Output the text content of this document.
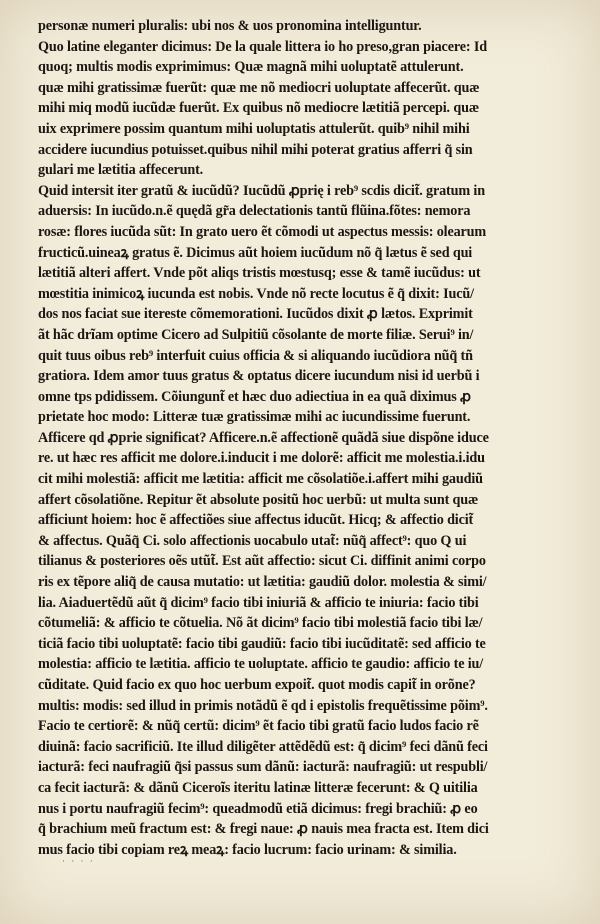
personæ numeri pluralis: ubi nos & uos pronomina intelliguntur.
Quo latine eleganter dicimus: De la quale littera io ho preso,gran piacere: Id
quoq; multis modis exprimimus: Quæ magnã mihi uoluptatẽ attulerunt.
quæ mihi gratissimæ fuerũt: quæ me nõ mediocri uoluptate affecerũt. quæ
mihi miq modũ iucũdæ fuerũt. Ex quibus nõ mediocre lætitiã percepi. quæ
uix exprimere possim quantum mihi uoluptatis attulerũt. quib⁹ nihil mihi
accidere iucundius potuisset.quibus nihil mihi poterat gratius afferri q̃ sin
gulari me lætitia affecerunt.
Quid intersit iter gratũ & iucũdũ? Iucũdũ ꝓprię i reb⁹ scdis dicit̃. gratum in
aduersis: In iucũdo.n.ẽ quędã gr̃a delectationis tantũ flũina.fõtes: nemora
rosæ: flores iucũda sũt: In grato uero ẽt cõmodi ut aspectus messis: olearum
fructicũ.uineaꝝ gratus ẽ. Dicimus aũt hoiem iucũdum nõ q̃ lætus ẽ sed qui
lætitiã alteri affert. Vnde põt aliqs tristis mœstusq; esse & tamẽ iucũdus: ut
mœstitia inimicoꝝ iucunda est nobis. Vnde nõ recte locutus ẽ q̃ dixit: Iucũ/
dos nos faciat sue itereste cõmemorationi. Iucũdos dixit ꝓ lætos. Exprimit
ãt hãc drĩam optime Cicero ad Sulpitiũ cõsolante de morte filiæ. Serui⁹ in/
quit tuus oibus reb⁹ interfuit cuius officia & si aliquando iucũdiora nũq̃ tñ
gratiora. Idem amor tuus gratus & optatus dicere iucundum nisi id uerbũ i
omne tps pdidissem. Cõiungunt̃ et hæc duo adiectiua in ea quã diximus ꝓ
prietate hoc modo: Litteræ tuæ gratissimæ mihi ac iucundissime fuerunt.
Afficere qd ꝓprie significat? Afficere.n.ẽ affectionẽ quãdã siue dispõne iduce
re. ut hæc res afficit me dolore.i.inducit i me dolorẽ: afficit me molestia.i.idu
cit mihi molestiã: afficit me lætitia: afficit me cõsolatiõe.i.affert mihi gaudiũ
affert cõsolatiõne. Repitur ẽt absolute positũ hoc uerbũ: ut multa sunt quæ
afficiunt hoiem: hoc ẽ affectiões siue affectus iducũt. Hicq; & affectio dicit̃
& affectus. Quãq̃ Ci. solo affectionis uocabulo utat̃: nũq̃ affect⁹: quo Q ui
tilianus & posteriores oẽs utũt̃. Est aũt affectio: sicut Ci. diffinit animi corpo
ris ex tẽpore aliq̃ de causa mutatio: ut lætitia: gaudiũ dolor. molestia & simi/
lia. Aiaduertẽdũ aũt q̃ dicim⁹ facio tibi iniuriã & afficio te iniuria: facio tibi
cõtumeliã: & afficio te cõtuelia. Nõ ãt dicim⁹ facio tibi molestiã facio tibi læ/
ticiã facio tibi uoluptatẽ: facio tibi gaudiũ: facio tibi iucũditatẽ: sed afficio te
molestia: afficio te lætitia. afficio te uoluptate. afficio te gaudio: afficio te iu/
cũditate. Quid facio ex quo hoc uerbum expoit̃. quot modis capit̃ in orõne?
multis: modis: sed illud in primis notãdũ ẽ qd i epistolis frequẽtissime põim⁹.
Facio te certiorẽ: & nũq̃ certũ: dicim⁹ ẽt facio tibi gratũ facio ludos facio rẽ
diuinã: facio sacrificiũ. Ite illud diligẽter attẽdẽdũ est: q̃ dicim⁹ feci dãnũ feci
iacturã: feci naufragiũ q̃si passus sum dãnũ: iacturã: naufragiũ: ut respubli/
ca fecit iacturã: & dãnũ Ciceroĩs iteritu latinæ litteræ fecerunt: & Q uitilia
nus i portu naufragiũ fecim⁹: queadmodũ etiã dicimus: fregi brachiũ: ꝓ eo
q̃ brachium meũ fractum est: & fregi naue: ꝓ nauis mea fracta est. Item dici
mus facio tibi copiam reꝝ meaꝝ: facio lucrum: facio urinam: & similia.
· · · ·
